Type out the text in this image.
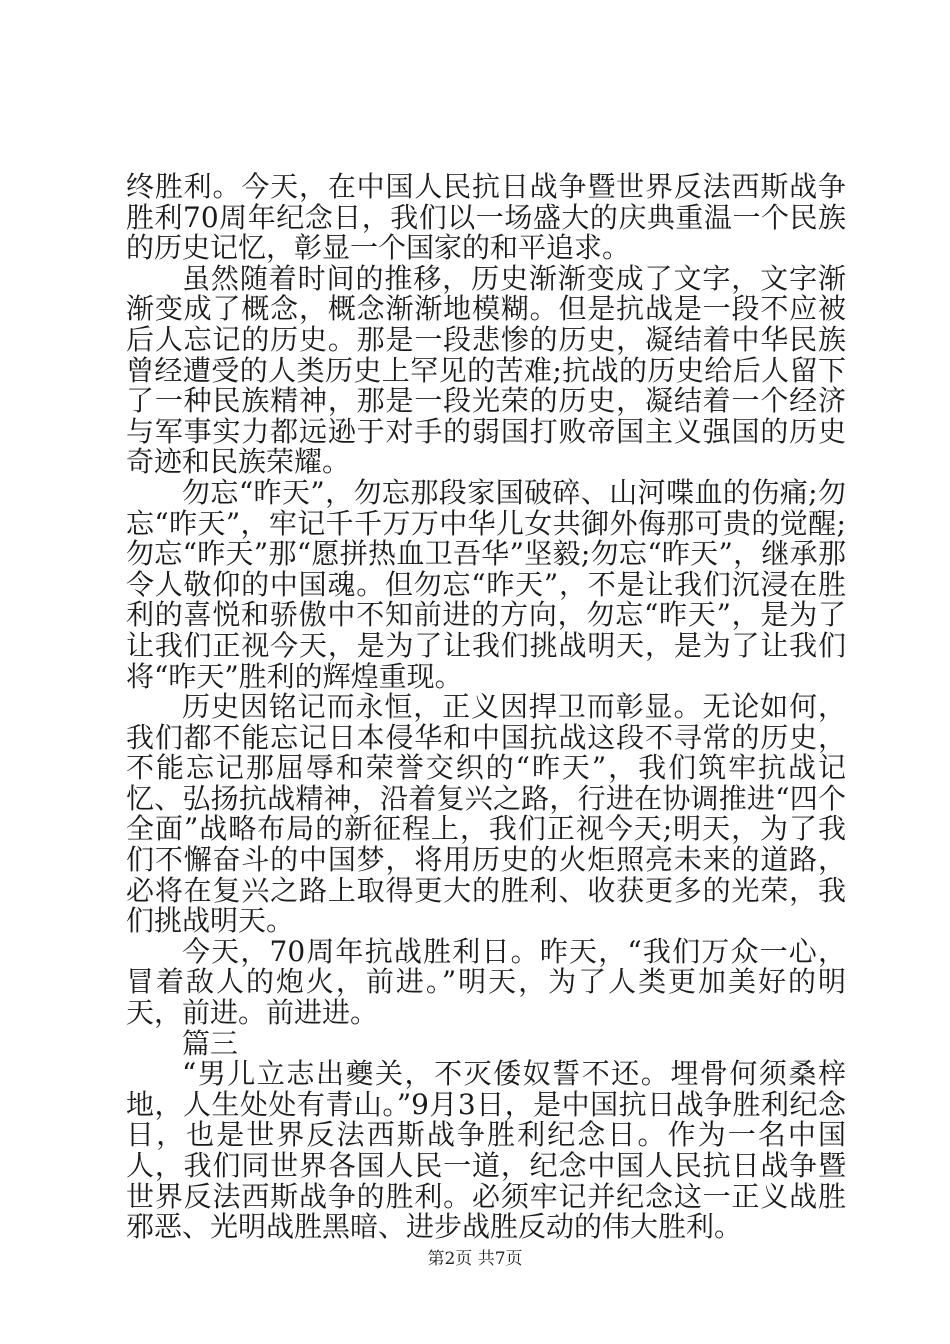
终胜利。今天，在中国人民抗日战争暨世界反法西斯战争胜利70周年纪念日，我们以一场盛大的庆典重温一个民族的历史记忆，彰显一个国家的和平追求。

虽然随着时间的推移，历史渐渐变成了文字，文字渐渐变成了概念，概念渐渐地模糊。但是抗战是一段不应被后人忘记的历史。那是一段悲惨的历史，凝结着中华民族曾经遭受的人类历史上罕见的苦难;抗战的历史给后人留下了一种民族精神，那是一段光荣的历史，凝结着一个经济与军事实力都远逊于对手的弱国打败帝国主义强国的历史奇迹和民族荣耀。

勿忘“昨天”，勿忘那段家国破碎、山河喋血的伤痛;勿忘“昨天”，牢记千千万万中华儿女共御外侮那可贵的觉醒;勿忘“昨天”那“愿拼热血卫吾华”坚毅;勿忘“昨天”，继承那令人敬仰的中国魂。但勿忘“昨天”，不是让我们沉浸在胜利的喜悦和骄傲中不知前进的方向，勿忘“昨天”，是为了让我们正视今天，是为了让我们挑战明天，是为了让我们将“昨天”胜利的辉煌重现。

历史因铭记而永恒，正义因捍卫而彰显。无论如何，我们都不能忘记日本侵华和中国抗战这段不寻常的历史，不能忘记那屈辱和荣誉交织的“昨天”，我们筑牢抗战记忆、弘扬抗战精神，沿着复兴之路，行进在协调推进“四个全面”战略布局的新征程上，我们正视今天;明天，为了我们不懈奋斗的中国梦，将用历史的火炬照亮未来的道路，必将在复兴之路上取得更大的胜利、收获更多的光荣，我们挑战明天。

今天，70周年抗战胜利日。昨天，“我们万众一心，冒着敌人的炮火，前进。”明天，为了人类更加美好的明天，前进。前进进。

篇三

“男儿立志出夔关，不灭倭奴誓不还。埋骨何须桑梓地，人生处处有青山。”9月3日，是中国抗日战争胜利纪念日，也是世界反法西斯战争胜利纪念日。作为一名中国人，我们同世界各国人民一道，纪念中国人民抗日战争暨世界反法西斯战争的胜利。必须牢记并纪念这一正义战胜邪恶、光明战胜黑暗、进步战胜反动的伟大胜利。

第2页 共7页
